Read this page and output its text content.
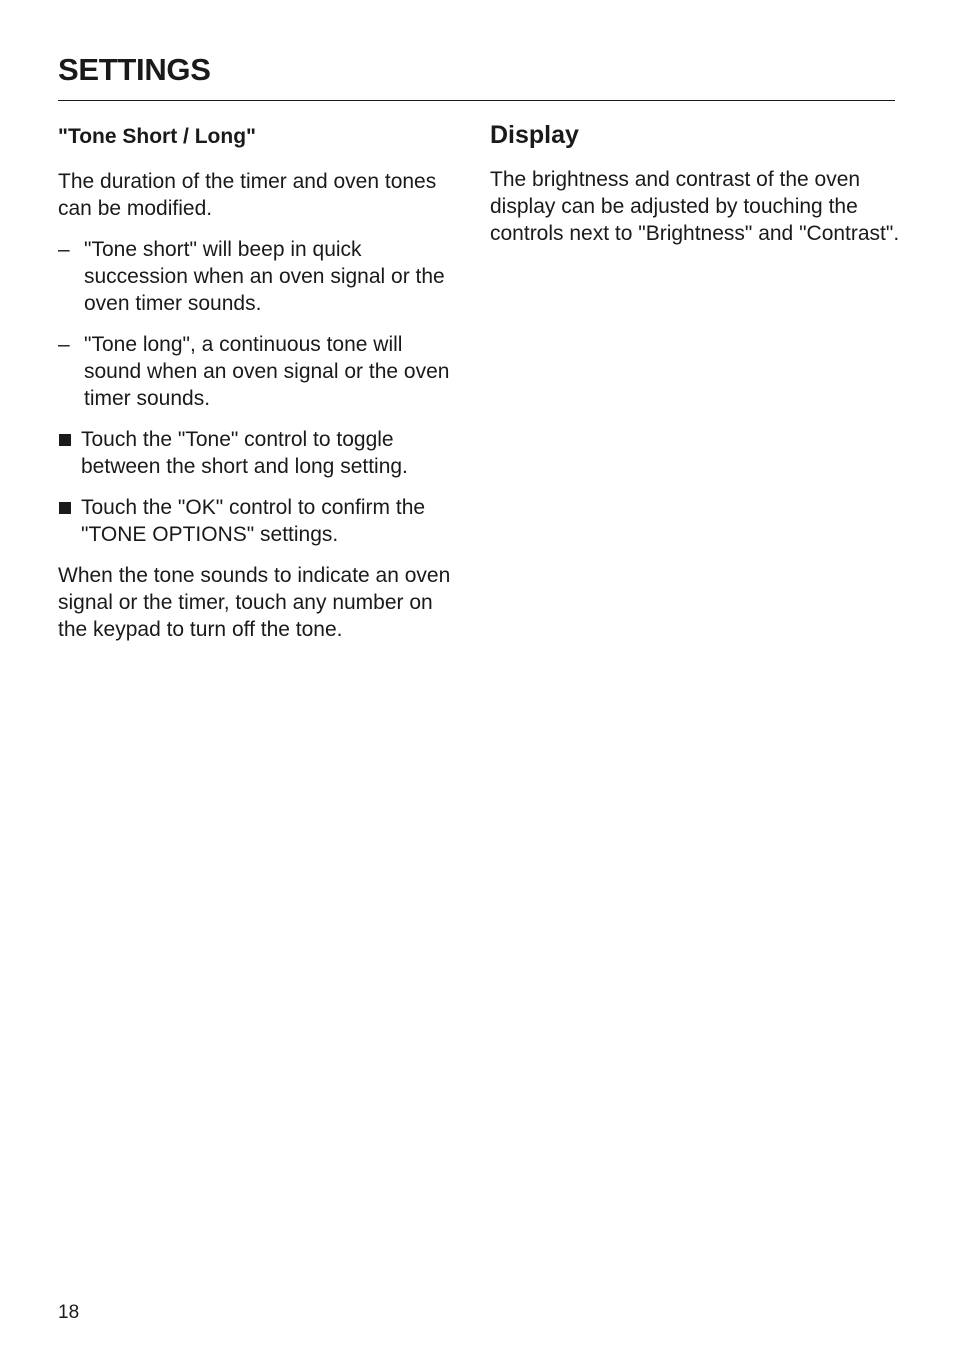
SETTINGS
"Tone Short / Long"

The duration of the timer and oven tones can be modified.

– "Tone short" will beep in quick succession when an oven signal or the oven timer sounds.
– "Tone long", a continuous tone will sound when an oven signal or the oven timer sounds.
Touch the "Tone" control to toggle between the short and long setting.
Touch the "OK" control to confirm the "TONE OPTIONS" settings.

When the tone sounds to indicate an oven signal or the timer, touch any number on the keypad to turn off the tone.

Display

The brightness and contrast of the oven display can be adjusted by touching the controls next to "Brightness" and "Contrast".

18
